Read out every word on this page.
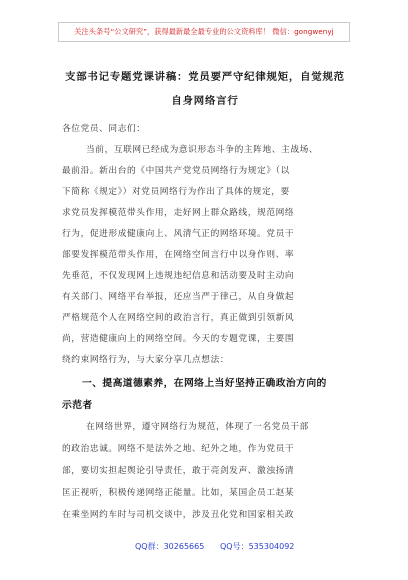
关注头条号“公文研究”，获得最新最全最专业的公文资料库！ 微信：gongwenyj
支部书记专题党课讲稿：党员要严守纪律规矩，自觉规范
自身网络言行
各位党员、同志们：
当前，互联网已经成为意识形态斗争的主阵地、主战场、
最前沿。新出台的《中国共产党党员网络行为规定》（以
下简称《规定》）对党员网络行为作出了具体的规定，要
求党员发挥模范带头作用，走好网上群众路线，规范网络
行为，促进形成健康向上、风清气正的网络环境。党员干
部要发挥模范带头作用，在网络空间言行中以身作则、率
先垂范，不仅发现网上违规违纪信息和活动要及时主动向
有关部门、网络平台举报，还应当严于律己，从自身做起
严格规范个人在网络空间的政治言行，真正做到引领新风
尚，营造健康向上的网络空间。今天的专题党课，主要围
绕约束网络行为，与大家分享几点想法：
一、提高道德素养，在网络上当好坚持正确政治方向的
示范者
在网络世界，遵守网络行为规范，体现了一名党员干部
的政治忠诚。网络不是法外之地、纪外之地，作为党员干
部，要切实担起舆论引导责任，敢于亮剑发声、激浊扬清
匡正视听，积极传递网络正能量。比如，某国企员工赵某
在乘坐网约车时与司机交谈中，涉及丑化党和国家相关政
QQ群：30265665 QQ号：535304092
